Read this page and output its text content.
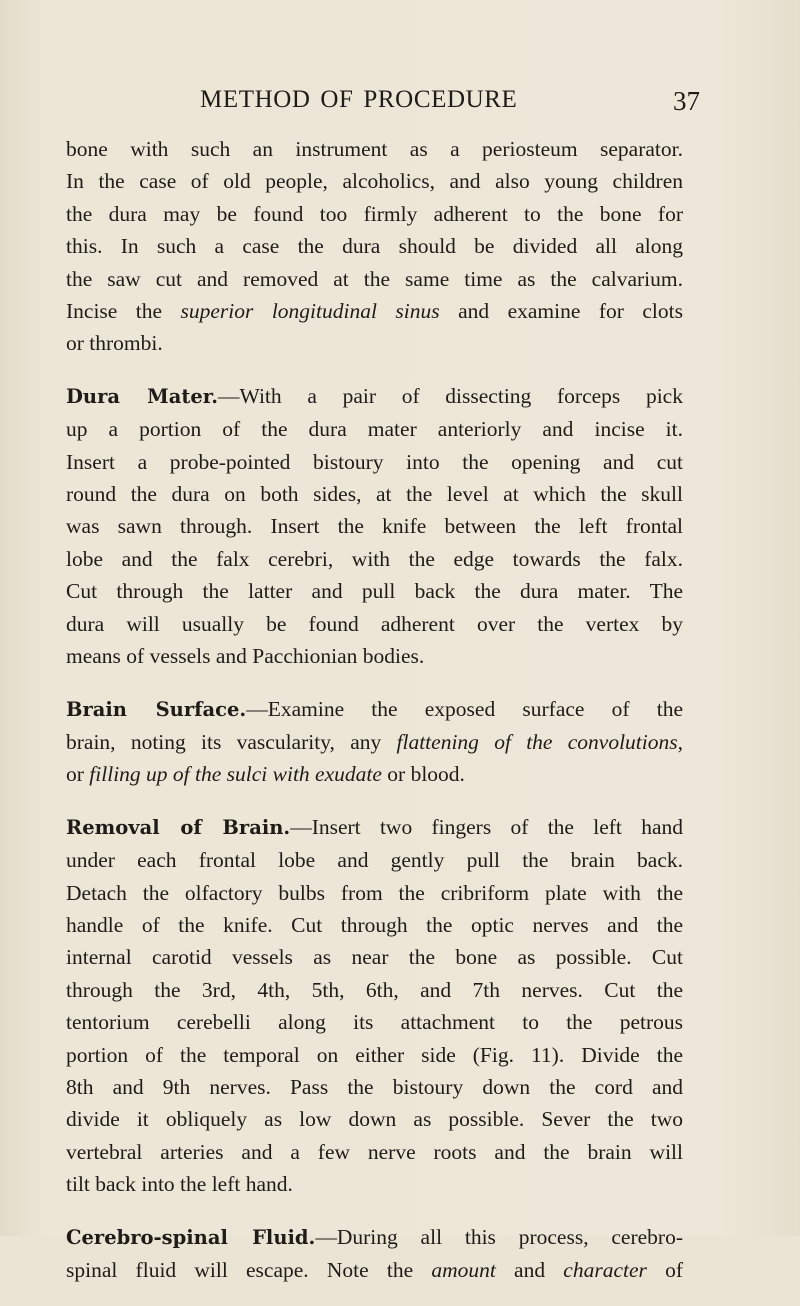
METHOD OF PROCEDURE	37

bone with such an instrument as a periosteum separator.
In the case of old people, alcoholics, and also young children
the dura may be found too firmly adherent to the bone for
this. In such a case the dura should be divided all along
the saw cut and removed at the same time as the calvarium.
Incise the superior longitudinal sinus and examine for clots
or thrombi.

Dura Mater.—With a pair of dissecting forceps pick
up a portion of the dura mater anteriorly and incise it.
Insert a probe-pointed bistoury into the opening and cut
round the dura on both sides, at the level at which the skull
was sawn through. Insert the knife between the left frontal
lobe and the falx cerebri, with the edge towards the falx.
Cut through the latter and pull back the dura mater. The
dura will usually be found adherent over the vertex by
means of vessels and Pacchionian bodies.

Brain Surface.—Examine the exposed surface of the
brain, noting its vascularity, any flattening of the convolutions,
or filling up of the sulci with exudate or blood.

Removal of Brain.—Insert two fingers of the left hand
under each frontal lobe and gently pull the brain back.
Detach the olfactory bulbs from the cribriform plate with the
handle of the knife. Cut through the optic nerves and the
internal carotid vessels as near the bone as possible. Cut
through the 3rd, 4th, 5th, 6th, and 7th nerves. Cut the
tentorium cerebelli along its attachment to the petrous
portion of the temporal on either side (Fig. 11). Divide the
8th and 9th nerves. Pass the bistoury down the cord and
divide it obliquely as low down as possible. Sever the two
vertebral arteries and a few nerve roots and the brain will
tilt back into the left hand.

Cerebro-spinal Fluid.—During all this process, cerebro-
spinal fluid will escape. Note the amount and character of
